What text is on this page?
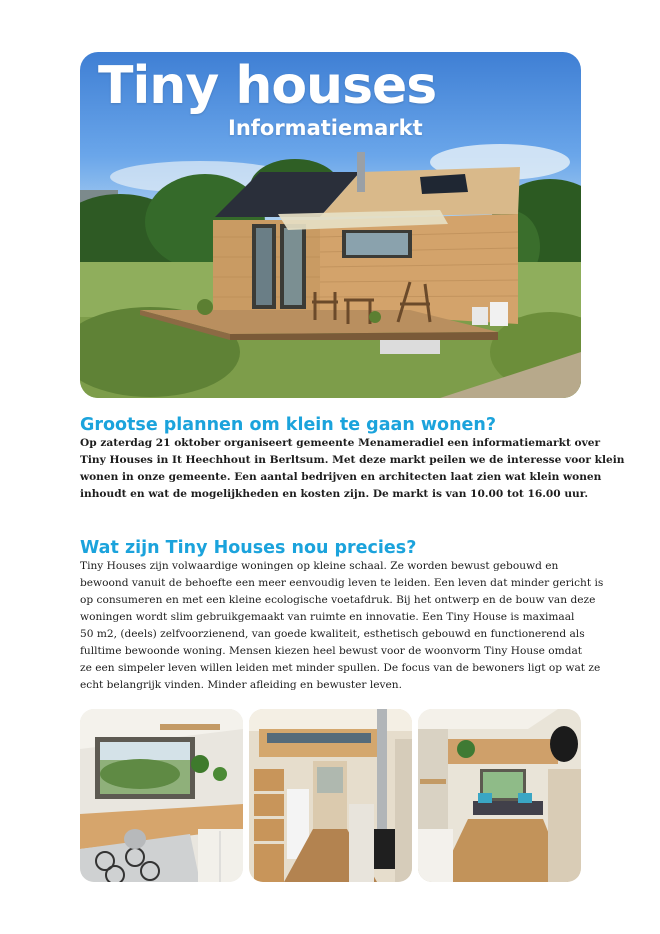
Tiny houses
Informatiemarkt
Grootse plannen om klein te gaan wonen?
Op zaterdag 21 oktober organiseert gemeente Menameradiel een informatiemarkt over
Tiny Houses in It Heechhout in Berltsum. Met deze markt peilen we de interesse voor klein
wonen in onze gemeente. Een aantal bedrijven en architecten laat zien wat klein wonen
inhoudt en wat de mogelijkheden en kosten zijn. De markt is van 10.00 tot 16.00 uur.
Wat zijn Tiny Houses nou precies?
Tiny Houses zijn volwaardige woningen op kleine schaal. Ze worden bewust gebouwd en
bewoond vanuit de behoefte een meer eenvoudig leven te leiden. Een leven dat minder gericht is
op consumeren en met een kleine ecologische voetafdruk. Bij het ontwerp en de bouw van deze
woningen wordt slim gebruikgemaakt van ruimte en innovatie. Een Tiny House is maximaal
50 m2, (deels) zelfvoorzienend, van goede kwaliteit, esthetisch gebouwd en functionerend als
fulltime bewoonde woning. Mensen kiezen heel bewust voor de woonvorm Tiny House omdat
ze een simpeler leven willen leiden met minder spullen. De focus van de bewoners ligt op wat ze
echt belangrijk vinden. Minder afleiding en bewuster leven.
